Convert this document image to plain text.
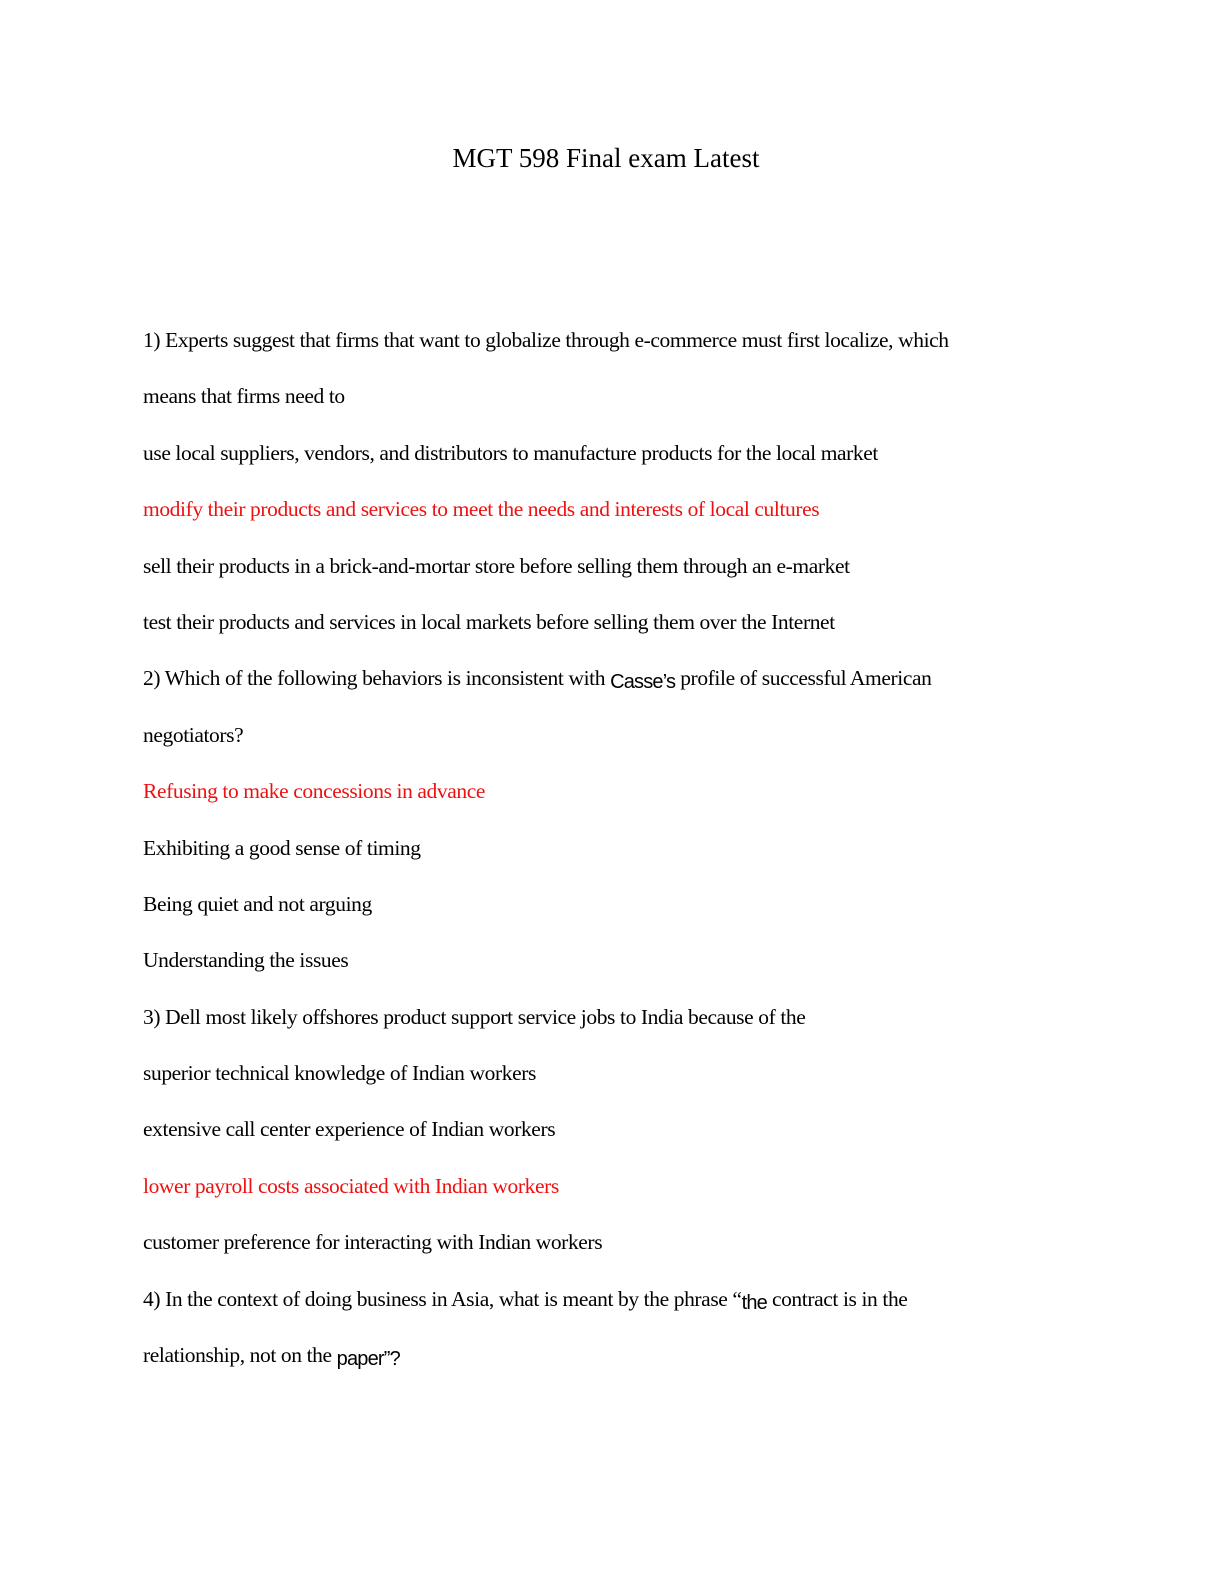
MGT 598 Final exam Latest
1) Experts suggest that firms that want to globalize through e-commerce must first localize, which
means that firms need to
use local suppliers, vendors, and distributors to manufacture products for the local market
modify their products and services to meet the needs and interests of local cultures
sell their products in a brick-and-mortar store before selling them through an e-market
test their products and services in local markets before selling them over the Internet
2) Which of the following behaviors is inconsistent with Casse’s profile of successful American
negotiators?
Refusing to make concessions in advance
Exhibiting a good sense of timing
Being quiet and not arguing
Understanding the issues
3) Dell most likely offshores product support service jobs to India because of the
superior technical knowledge of Indian workers
extensive call center experience of Indian workers
lower payroll costs associated with Indian workers
customer preference for interacting with Indian workers
4) In the context of doing business in Asia, what is meant by the phrase “the contract is in the
relationship, not on the paper”?
